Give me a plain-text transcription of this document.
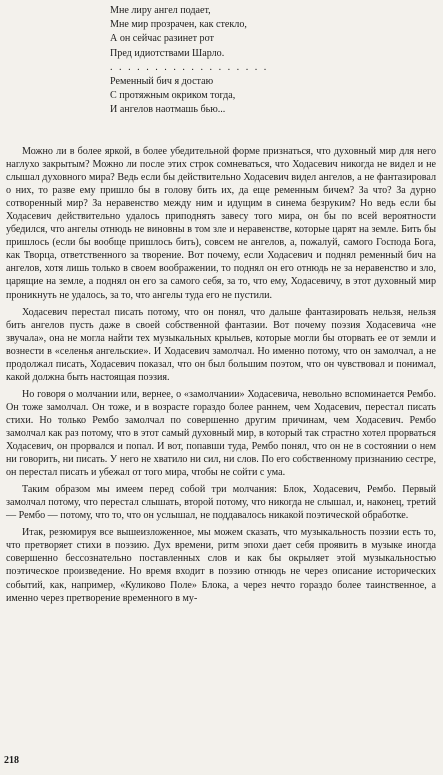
Мне лиру ангел подает,
Мне мир прозрачен, как стекло,
А он сейчас разинет рот
Пред идиотствами Шарло.
. . . . . . . . . . . . . . . . . .
Ременный бич я достаю
С протяжным окриком тогда,
И ангелов наотмашь бью...

Можно ли в более яркой, в более убедительной форме признаться, что духовный мир для него наглухо закрытым? Можно ли после этих строк сомневаться, что Ходасевич никогда не видел и не слышал духовного мира? Ведь если бы действительно Ходасевич видел ангелов, а не фантазировал о них, то разве ему пришло бы в голову бить их, да еще ременным бичем? За что? За дурно сотворенный мир? За неравенство между ним и идущим в синема безруким? Но ведь если бы Ходасевич действительно удалось приподнять завесу того мира, он бы по всей вероятности убедился, что ангелы отнюдь не виновны в том зле и неравенстве, которые царят на земле. Бить бы пришлось (если бы вообще пришлось бить), совсем не ангелов, а, пожалуй, самого Господа Бога, как Творца, ответственного за творение. Вот почему, если Ходасевич и поднял ременный бич на ангелов, хотя лишь только в своем воображении, то поднял он его отнюдь не за неравенство и зло, царящие на земле, а поднял он его за самого себя, за то, что ему, Ходасевичу, в этот духовный мир проникнуть не удалось, за то, что ангелы туда его не пустили.

Ходасевич перестал писать потому, что он понял, что дальше фантазировать нельзя, нельзя бить ангелов пусть даже в своей собственной фантазии. Вот почему поэзия Ходасевича «не звучала», она не могла найти тех музыкальных крыльев, которые могли бы оторвать ее от земли и вознести в «селенья ангельские». И Ходасевич замолчал. Но именно потому, что он замолчал, а не продолжал писать, Ходасевич показал, что он был большим поэтом, что он чувствовал и понимал, какой должна быть настоящая поэзия.

Но говоря о молчании или, вернее, о «замолчании» Ходасевича, невольно вспоминается Рембо. Он тоже замолчал. Он тоже, и в возрасте гораздо более раннем, чем Ходасевич, перестал писать стихи. Но только Рембо замолчал по совершенно другим причинам, чем Ходасевич. Рембо замолчал как раз потому, что в этот самый духовный мир, в который так страстно хотел прорваться Ходасевич, он прорвался и попал. И вот, попавши туда, Рембо понял, что он не в состоянии о нем ни говорить, ни писать. У него не хватило ни сил, ни слов. По его собственному признанию сестре, он перестал писать и убежал от того мира, чтобы не сойти с ума.

Таким образом мы имеем перед собой три молчания: Блок, Ходасевич, Рембо. Первый замолчал потому, что перестал слышать, второй потому, что никогда не слышал, и, наконец, третий — Рембо — потому, что то, что он услышал, не поддавалось никакой поэтической обработке.

Итак, резюмируя все вышеизложенное, мы можем сказать, что музыкальность поэзии есть то, что претворяет стихи в поэзию. Дух времени, ритм эпохи дает себя проявить в музыке иногда совершенно бессознательно поставленных слов и как бы окрыляет этой музыкальностью поэтическое произведение. Но время входит в поэзию отнюдь не через описание исторических событий, как, например, «Куликово Поле» Блока, а через нечто гораздо более таинственное, а именно через претворение временного в му-

218
